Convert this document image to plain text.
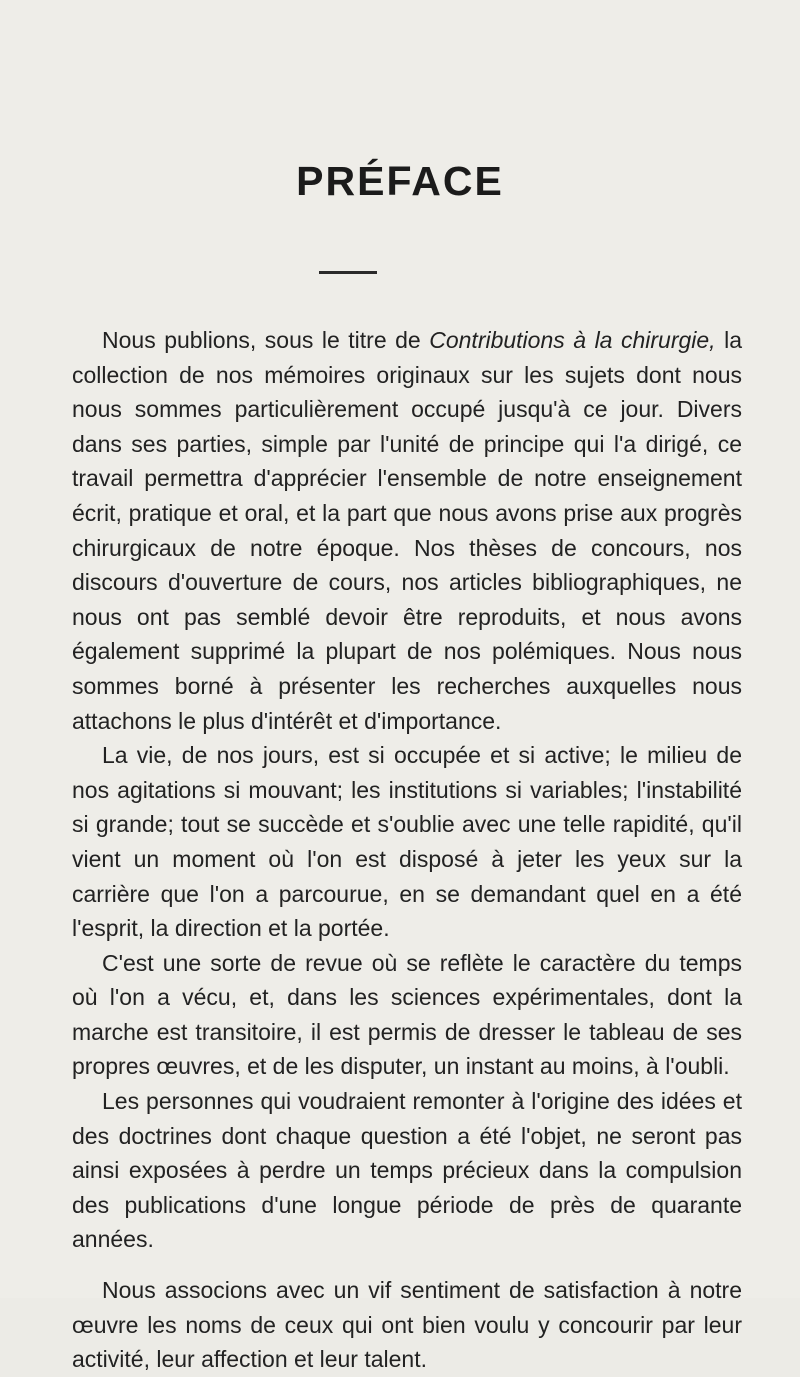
PRÉFACE

Nous publions, sous le titre de Contributions à la chirurgie, la collection de nos mémoires originaux sur les sujets dont nous nous sommes particulièrement occupé jusqu'à ce jour. Divers dans ses parties, simple par l'unité de principe qui l'a dirigé, ce travail permettra d'apprécier l'ensemble de notre enseignement écrit, pratique et oral, et la part que nous avons prise aux progrès chirurgicaux de notre époque. Nos thèses de concours, nos discours d'ouverture de cours, nos articles bibliographiques, ne nous ont pas semblé devoir être reproduits, et nous avons également supprimé la plupart de nos polémiques. Nous nous sommes borné à présenter les recherches auxquelles nous attachons le plus d'intérêt et d'importance.

La vie, de nos jours, est si occupée et si active; le milieu de nos agitations si mouvant; les institutions si variables; l'instabilité si grande; tout se succède et s'oublie avec une telle rapidité, qu'il vient un moment où l'on est disposé à jeter les yeux sur la carrière que l'on a parcourue, en se demandant quel en a été l'esprit, la direction et la portée.

C'est une sorte de revue où se reflète le caractère du temps où l'on a vécu, et, dans les sciences expérimentales, dont la marche est transitoire, il est permis de dresser le tableau de ses propres œuvres, et de les disputer, un instant au moins, à l'oubli.

Les personnes qui voudraient remonter à l'origine des idées et des doctrines dont chaque question a été l'objet, ne seront pas ainsi exposées à perdre un temps précieux dans la compulsion des publications d'une longue période de près de quarante années.

Nous associons avec un vif sentiment de satisfaction à notre œuvre les noms de ceux qui ont bien voulu y concourir par leur activité, leur affection et leur talent.
